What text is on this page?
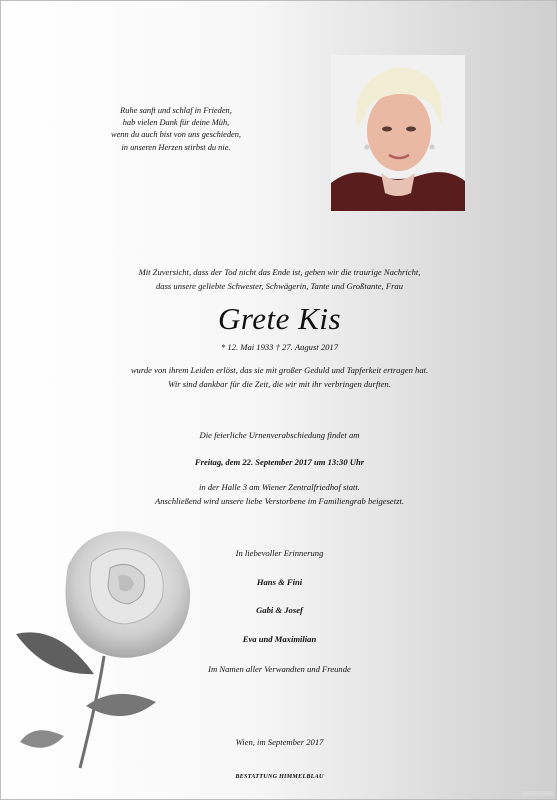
Ruhe sanft und schlaf in Frieden,
hab vielen Dank für deine Müh,
wenn du auch bist von uns geschieden,
in unseren Herzen stirbst du nie.
Mit Zuversicht, dass der Tod nicht das Ende ist, geben wir die traurige Nachricht,
dass unsere geliebte Schwester, Schwägerin, Tante und Großtante, Frau
Grete Kis
* 12. Mai 1933 † 27. August 2017
wurde von ihrem Leiden erlöst, das sie mit großer Geduld und Tapferkeit ertragen hat.
Wir sind dankbar für die Zeit, die wir mit ihr verbringen durften.
Die feierliche Urnenverabschiedung findet am
Freitag, dem 22. September 2017 um 13:30 Uhr
in der Halle 3 am Wiener Zentralfriedhof statt.
Anschließend wird unsere liebe Verstorbene im Familiengrab beigesetzt.
In liebevoller Erinnerung
Hans & Fini
Gabi & Josef
Eva und Maximilian
Im Namen aller Verwandten und Freunde
Wien, im September 2017
BESTATTUNG HIMMELBLAU
